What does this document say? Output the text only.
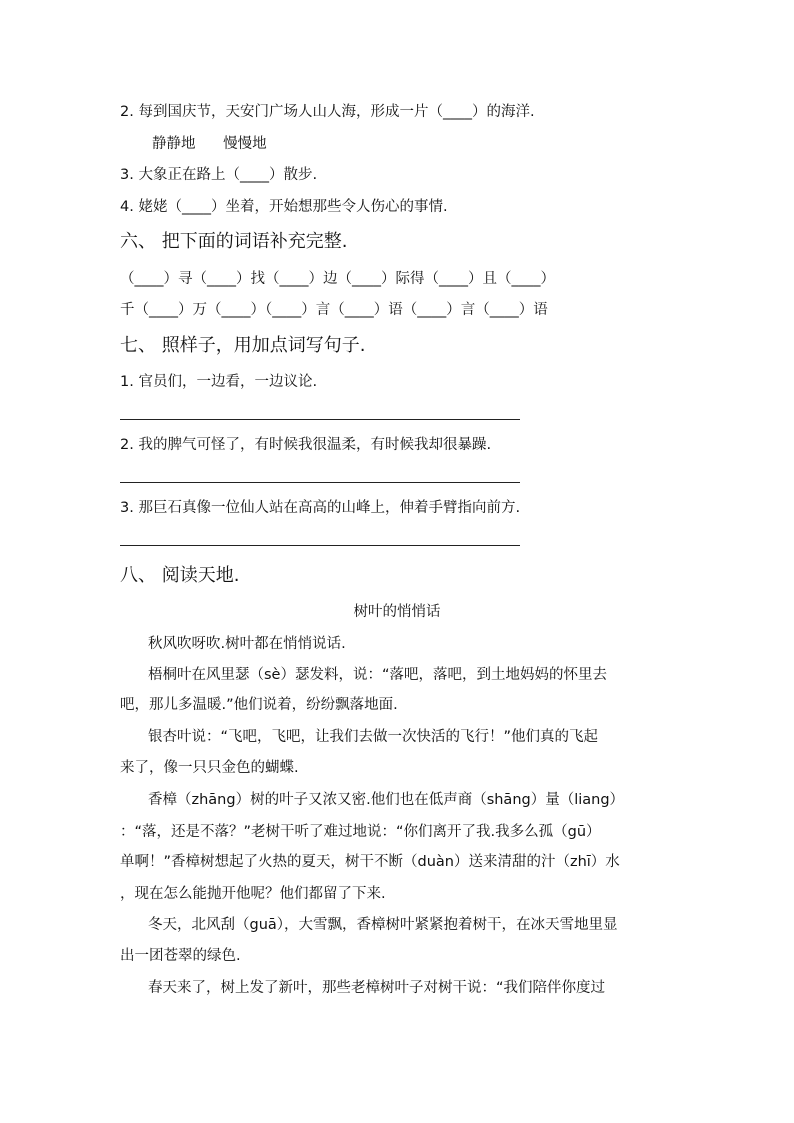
2. 每到国庆节，天安门广场人山人海，形成一片（____）的海洋.
静静地      慢慢地
3. 大象正在路上（____）散步.
4. 姥姥（____）坐着，开始想那些令人伤心的事情.
六、 把下面的词语补充完整.
（____）寻（____）找（____）边（____）际得（____）且（____）
千（____）万（____）（____）言（____）语（____）言（____）语
七、 照样子，用加点词写句子.
1. 官员们，一边看，一边议论.
2. 我的脾气可怪了，有时候我很温柔，有时候我却很暴躁.
3. 那巨石真像一位仙人站在高高的山峰上，伸着手臂指向前方.
八、 阅读天地.
树叶的悄悄话
秋风吹呀吹.树叶都在悄悄说话.
梧桐叶在风里瑟（sè）瑟发料，说：“落吧，落吧，到土地妈妈的怀里去
吧，那儿多温暖.”他们说着，纷纷飘落地面.
银杏叶说：“飞吧，飞吧，让我们去做一次快活的飞行！”他们真的飞起
来了，像一只只金色的蝴蝶.
香樟（zhāng）树的叶子又浓又密.他们也在低声商（shāng）量（liang）
：“落，还是不落？”老树干听了难过地说：“你们离开了我.我多么孤（gū）
单啊！”香樟树想起了火热的夏天，树干不断（duàn）送来清甜的汁（zhī）水
，现在怎么能抛开他呢？他们都留了下来.
冬天，北风刮（guā），大雪飘，香樟树叶紧紧抱着树干，在冰天雪地里显
出一团苍翠的绿色.
春天来了，树上发了新叶，那些老樟树叶子对树干说：“我们陪伴你度过
